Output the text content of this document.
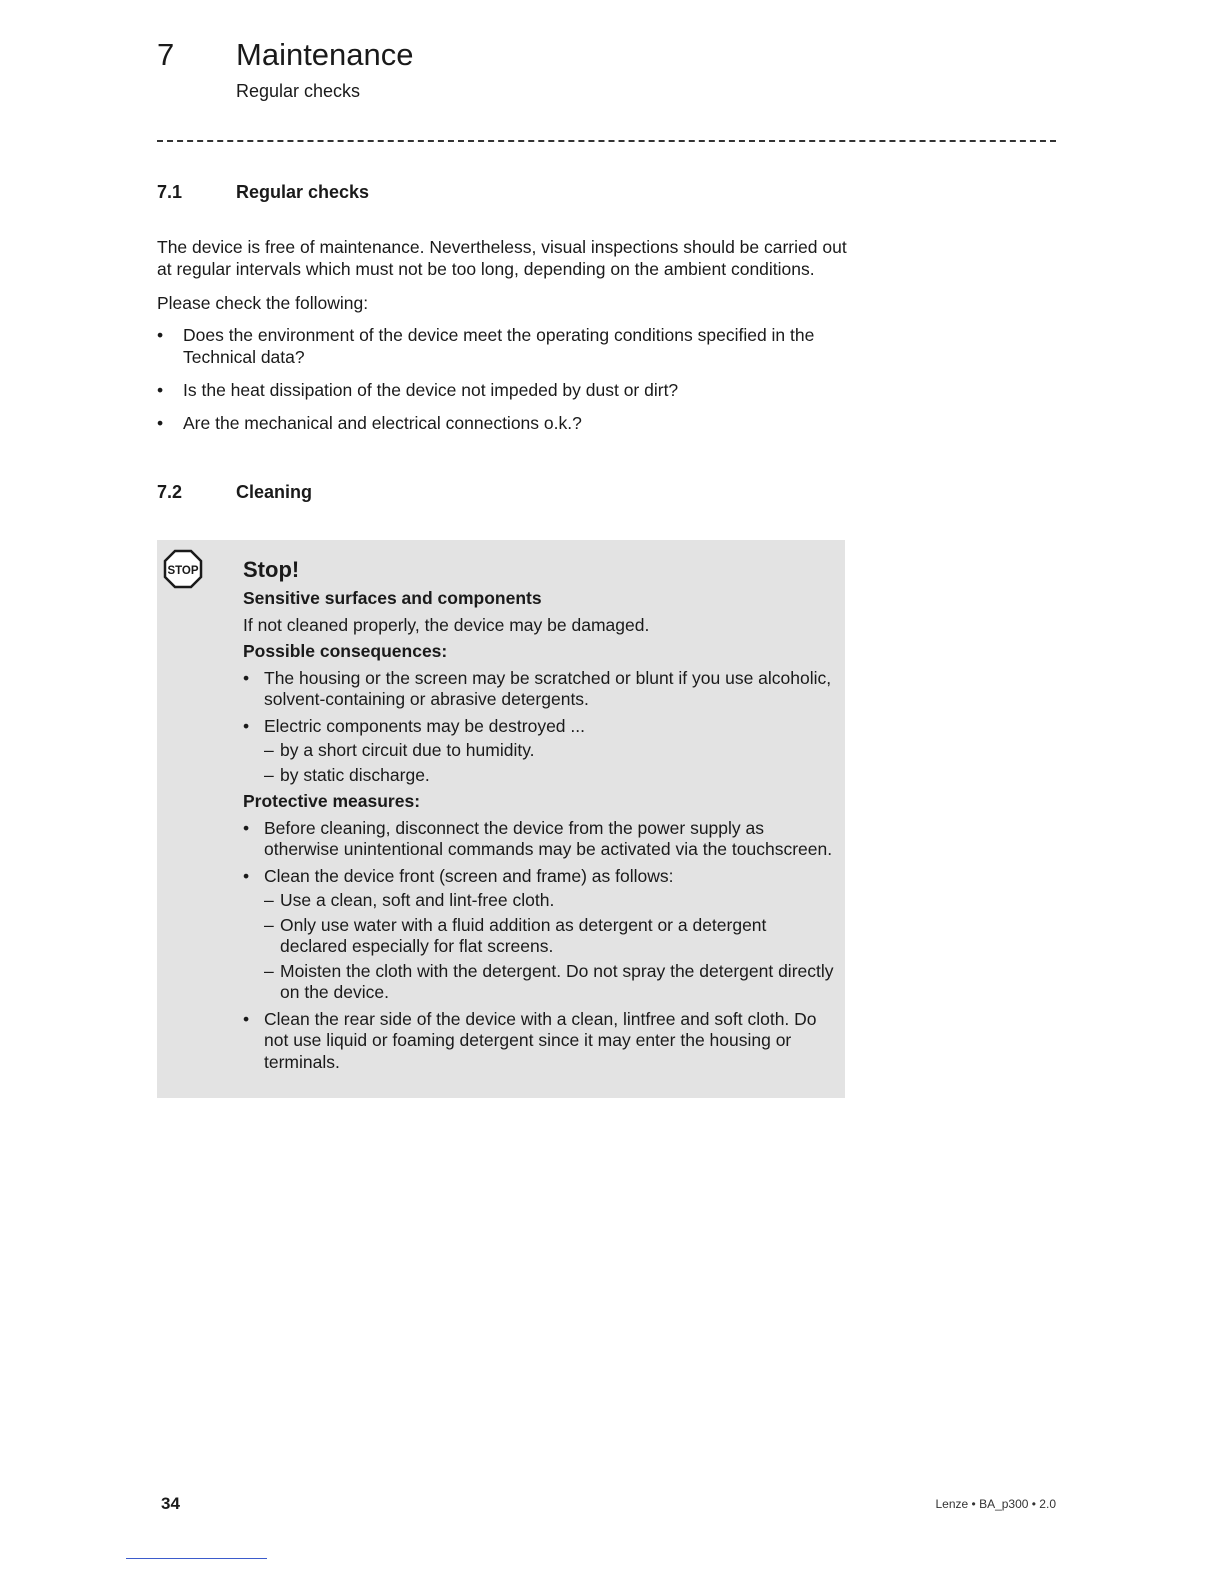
7 Maintenance
Regular checks
7.1	Regular checks
The device is free of maintenance. Nevertheless, visual inspections should be carried out at regular intervals which must not be too long, depending on the ambient conditions.
Please check the following:
• Does the environment of the device meet the operating conditions specified in the Technical data?
• Is the heat dissipation of the device not impeded by dust or dirt?
• Are the mechanical and electrical connections o.k.?
7.2	Cleaning
STOP Stop!
Sensitive surfaces and components
If not cleaned properly, the device may be damaged.
Possible consequences:
• The housing or the screen may be scratched or blunt if you use alcoholic, solvent-containing or abrasive detergents.
• Electric components may be destroyed ...
– by a short circuit due to humidity.
– by static discharge.
Protective measures:
• Before cleaning, disconnect the device from the power supply as otherwise unintentional commands may be activated via the touchscreen.
• Clean the device front (screen and frame) as follows:
– Use a clean, soft and lint-free cloth.
– Only use water with a fluid addition as detergent or a detergent declared especially for flat screens.
– Moisten the cloth with the detergent. Do not spray the detergent directly on the device.
• Clean the rear side of the device with a clean, lintfree and soft cloth. Do not use liquid or foaming detergent since it may enter the housing or terminals.
34	Lenze • BA_p300 • 2.0
